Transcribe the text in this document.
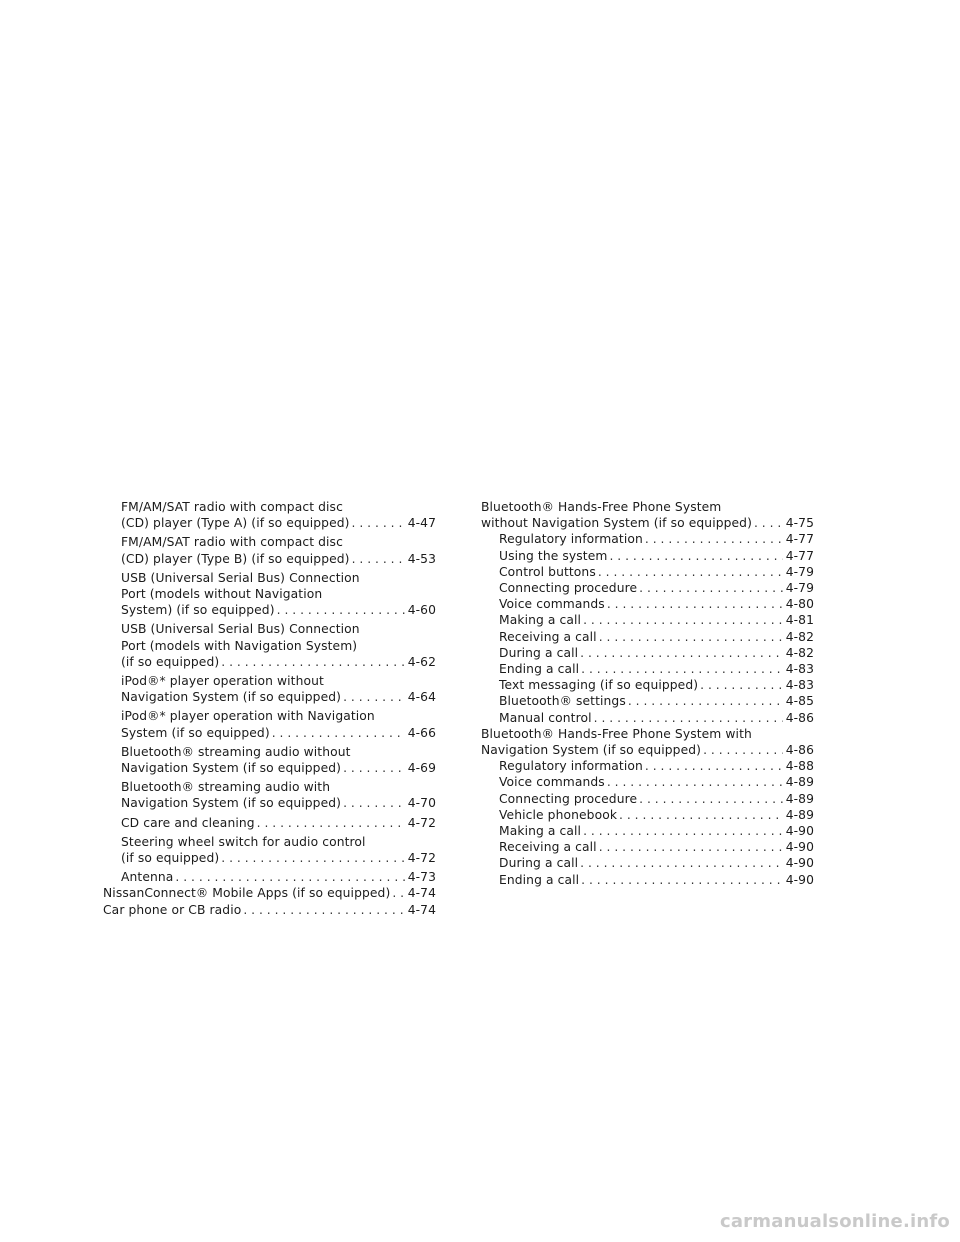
FM/AM/SAT radio with compact disc
(CD) player (Type A) (if so equipped) . . .	4-47
FM/AM/SAT radio with compact disc
(CD) player (Type B) (if so equipped) . . .	4-53
USB (Universal Serial Bus) Connection
Port (models without Navigation
System) (if so equipped) . . .	4-60
USB (Universal Serial Bus) Connection
Port (models with Navigation System)
(if so equipped) . . .	4-62
iPod®* player operation without
Navigation System (if so equipped) . . .	4-64
iPod®* player operation with Navigation
System (if so equipped) . . .	4-66
Bluetooth® streaming audio without
Navigation System (if so equipped) . . .	4-69
Bluetooth® streaming audio with
Navigation System (if so equipped) . . .	4-70
CD care and cleaning . . .	4-72
Steering wheel switch for audio control
(if so equipped) . . .	4-72
Antenna . . .	4-73
NissanConnect® Mobile Apps (if so equipped) . . . 4-74
Car phone or CB radio . . .	4-74
Bluetooth® Hands-Free Phone System
without Navigation System (if so equipped) . . .	4-75
Regulatory information . . .	4-77
Using the system . . .	4-77
Control buttons . . .	4-79
Connecting procedure . . .	4-79
Voice commands . . .	4-80
Making a call . . .	4-81
Receiving a call . . .	4-82
During a call . . .	4-82
Ending a call . . .	4-83
Text messaging (if so equipped) . . .	4-83
Bluetooth® settings . . .	4-85
Manual control . . .	4-86
Bluetooth® Hands-Free Phone System with
Navigation System (if so equipped) . . .	4-86
Regulatory information . . .	4-88
Voice commands . . .	4-89
Connecting procedure . . .	4-89
Vehicle phonebook . . .	4-89
Making a call . . .	4-90
Receiving a call . . .	4-90
During a call . . .	4-90
Ending a call . . .	4-90
carmanualsonline.info
